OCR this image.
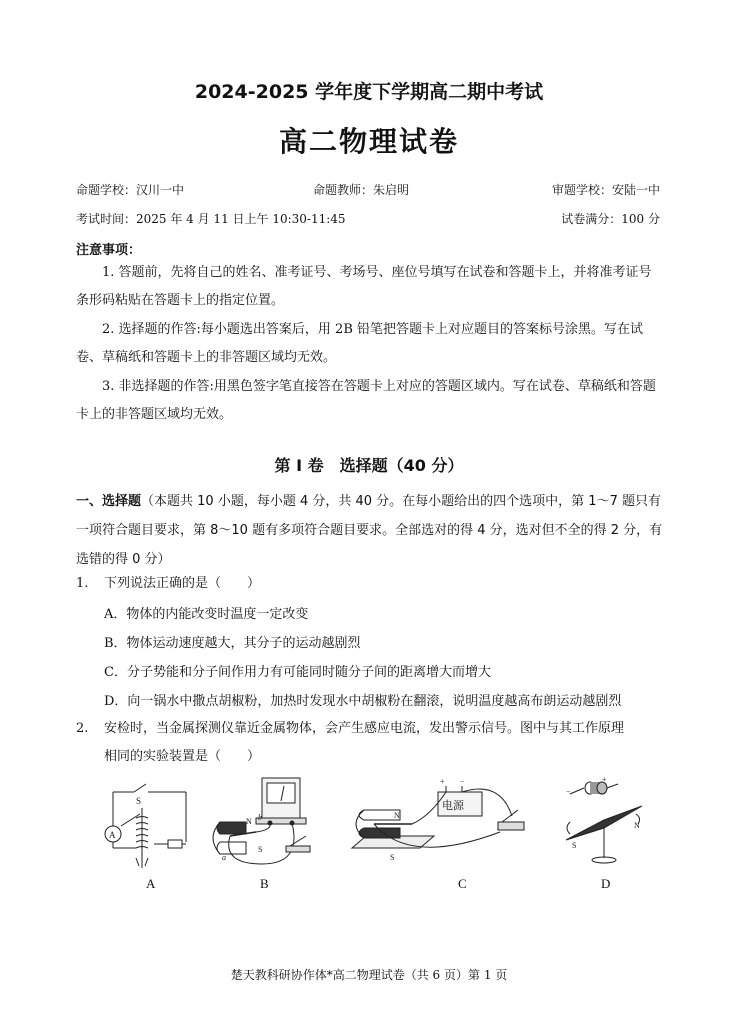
2024-2025 学年度下学期高二期中考试
高二物理试卷
命题学校：汉川一中	命题教师：朱启明	审题学校：安陆一中
考试时间：2025 年 4 月 11 日上午 10:30-11:45	试卷满分：100 分
注意事项：
1. 答题前，先将自己的姓名、准考证号、考场号、座位号填写在试卷和答题卡上，并将准考证号条形码粘贴在答题卡上的指定位置。
2. 选择题的作答:每小题选出答案后，用 2B 铅笔把答题卡上对应题目的答案标号涂黑。写在试卷、草稿纸和答题卡上的非答题区域均无效。
3. 非选择题的作答:用黑色签字笔直接答在答题卡上对应的答题区域内。写在试卷、草稿纸和答题卡上的非答题区域均无效。
第 I 卷　选择题（40 分）
一、选择题（本题共 10 小题，每小题 4 分，共 40 分。在每小题给出的四个选项中，第 1～7 题只有一项符合题目要求，第 8～10 题有多项符合题目要求。全部选对的得 4 分，选对但不全的得 2 分，有选错的得 0 分）
1. 下列说法正确的是（　　）
A．物体的内能改变时温度一定改变
B．物体运动速度越大，其分子的运动越剧烈
C．分子势能和分子间作用力有可能同时随分子间的距离增大而增大
D．向一锅水中撒点胡椒粉，加热时发现水中胡椒粉在翻滚，说明温度越高布朗运动越剧烈
2. 安检时，当金属探测仪靠近金属物体，会产生感应电流，发出警示信号。图中与其工作原理
相同的实验装置是（　　）
A
S
A
N
S
a
b
B
+ −
电源
N
S
C
+
−
S
N
D
楚天教科研协作体*高二物理试卷（共 6 页）第 1 页
